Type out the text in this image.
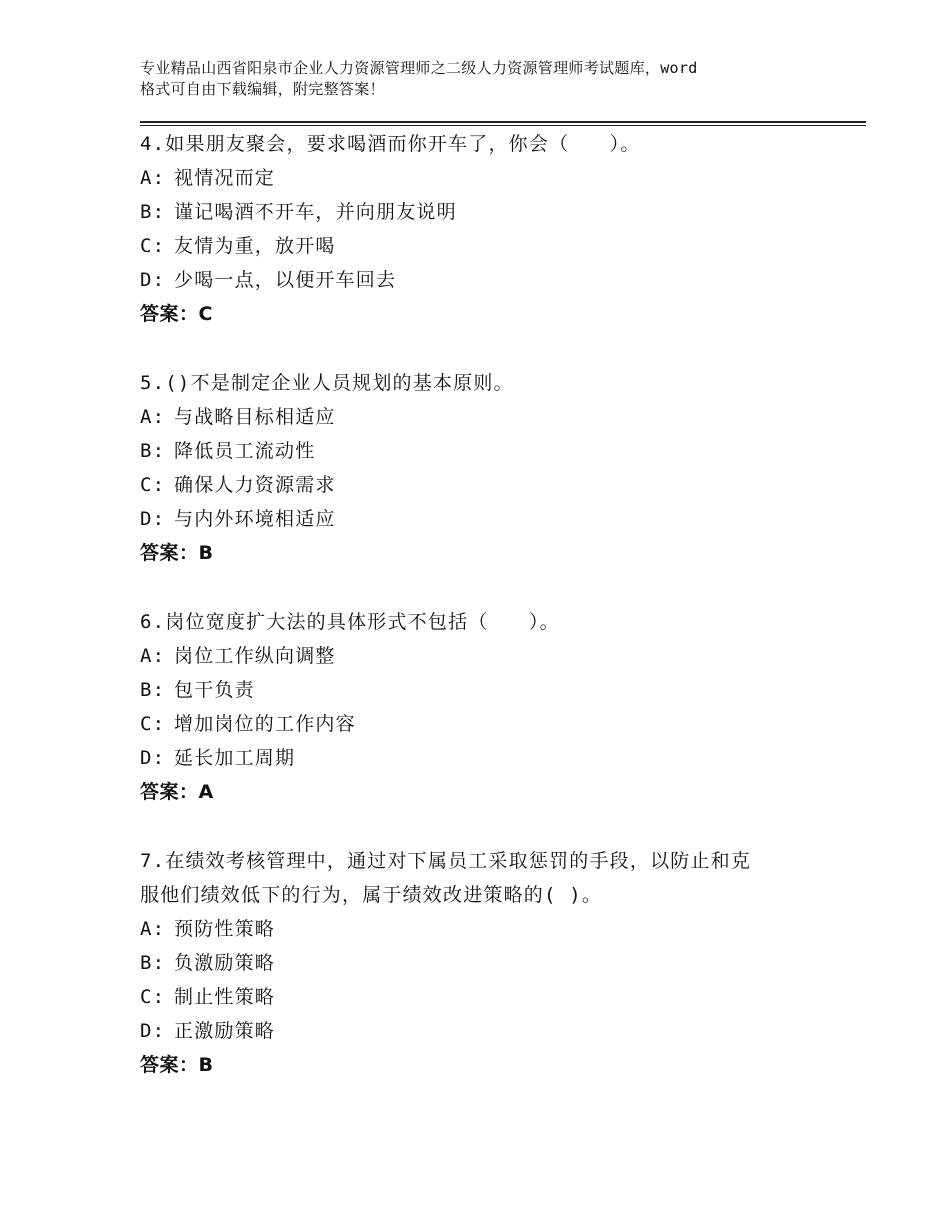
专业精品山西省阳泉市企业人力资源管理师之二级人力资源管理师考试题库，word
格式可自由下载编辑，附完整答案！
4.如果朋友聚会，要求喝酒而你开车了，你会（　　）。
A: 视情况而定
B: 谨记喝酒不开车，并向朋友说明
C: 友情为重，放开喝
D: 少喝一点，以便开车回去
答案：C
5.()不是制定企业人员规划的基本原则。
A: 与战略目标相适应
B: 降低员工流动性
C: 确保人力资源需求
D: 与内外环境相适应
答案：B
6.岗位宽度扩大法的具体形式不包括（　　）。
A: 岗位工作纵向调整
B: 包干负责
C: 增加岗位的工作内容
D: 延长加工周期
答案：A
7.在绩效考核管理中，通过对下属员工采取惩罚的手段，以防止和克
服他们绩效低下的行为，属于绩效改进策略的( )。
A: 预防性策略
B: 负激励策略
C: 制止性策略
D: 正激励策略
答案：B
